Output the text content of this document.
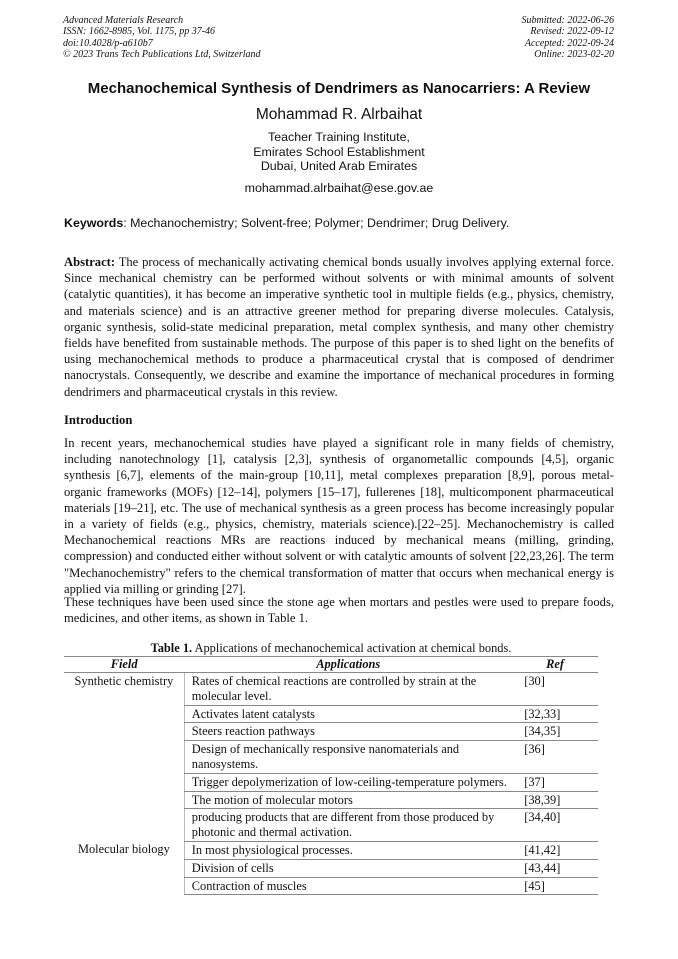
Advanced Materials Research
ISSN: 1662-8985, Vol. 1175, pp 37-46
doi:10.4028/p-a610b7
© 2023 Trans Tech Publications Ltd, Switzerland
Submitted: 2022-06-26
Revised: 2022-09-12
Accepted: 2022-09-24
Online: 2023-02-20
Mechanochemical Synthesis of Dendrimers as Nanocarriers: A Review
Mohammad R. Alrbaihat
Teacher Training Institute,
Emirates School Establishment
Dubai, United Arab Emirates
mohammad.alrbaihat@ese.gov.ae
Keywords: Mechanochemistry; Solvent-free; Polymer; Dendrimer; Drug Delivery.
Abstract: The process of mechanically activating chemical bonds usually involves applying external force. Since mechanical chemistry can be performed without solvents or with minimal amounts of solvent (catalytic quantities), it has become an imperative synthetic tool in multiple fields (e.g., physics, chemistry, and materials science) and is an attractive greener method for preparing diverse molecules. Catalysis, organic synthesis, solid-state medicinal preparation, metal complex synthesis, and many other chemistry fields have benefited from sustainable methods. The purpose of this paper is to shed light on the benefits of using mechanochemical methods to produce a pharmaceutical crystal that is composed of dendrimer nanocrystals. Consequently, we describe and examine the importance of mechanical procedures in forming dendrimers and pharmaceutical crystals in this review.
Introduction
In recent years, mechanochemical studies have played a significant role in many fields of chemistry, including nanotechnology [1], catalysis [2,3], synthesis of organometallic compounds [4,5], organic synthesis [6,7], elements of the main-group [10,11], metal complexes preparation [8,9], porous metal-organic frameworks (MOFs) [12–14], polymers [15–17], fullerenes [18], multicomponent pharmaceutical materials [19–21], etc. The use of mechanical synthesis as a green process has become increasingly popular in a variety of fields (e.g., physics, chemistry, materials science).[22–25]. Mechanochemistry is called Mechanochemical reactions MRs are reactions induced by mechanical means (milling, grinding, compression) and conducted either without solvent or with catalytic amounts of solvent [22,23,26]. The term "Mechanochemistry" refers to the chemical transformation of matter that occurs when mechanical energy is applied via milling or grinding [27].
These techniques have been used since the stone age when mortars and pestles were used to prepare foods, medicines, and other items, as shown in Table 1.
Table 1. Applications of mechanochemical activation at chemical bonds.
Field	Applications	Ref
Synthetic chemistry	Rates of chemical reactions are controlled by strain at the molecular level.	[30]
	Activates latent catalysts	[32,33]
	Steers reaction pathways	[34,35]
	Design of mechanically responsive nanomaterials and nanosystems.	[36]
	Trigger depolymerization of low-ceiling-temperature polymers.	[37]
	The motion of molecular motors	[38,39]
	producing products that are different from those produced by photonic and thermal activation.	[34,40]
Molecular biology	In most physiological processes.	[41,42]
	Division of cells	[43,44]
	Contraction of muscles	[45]
